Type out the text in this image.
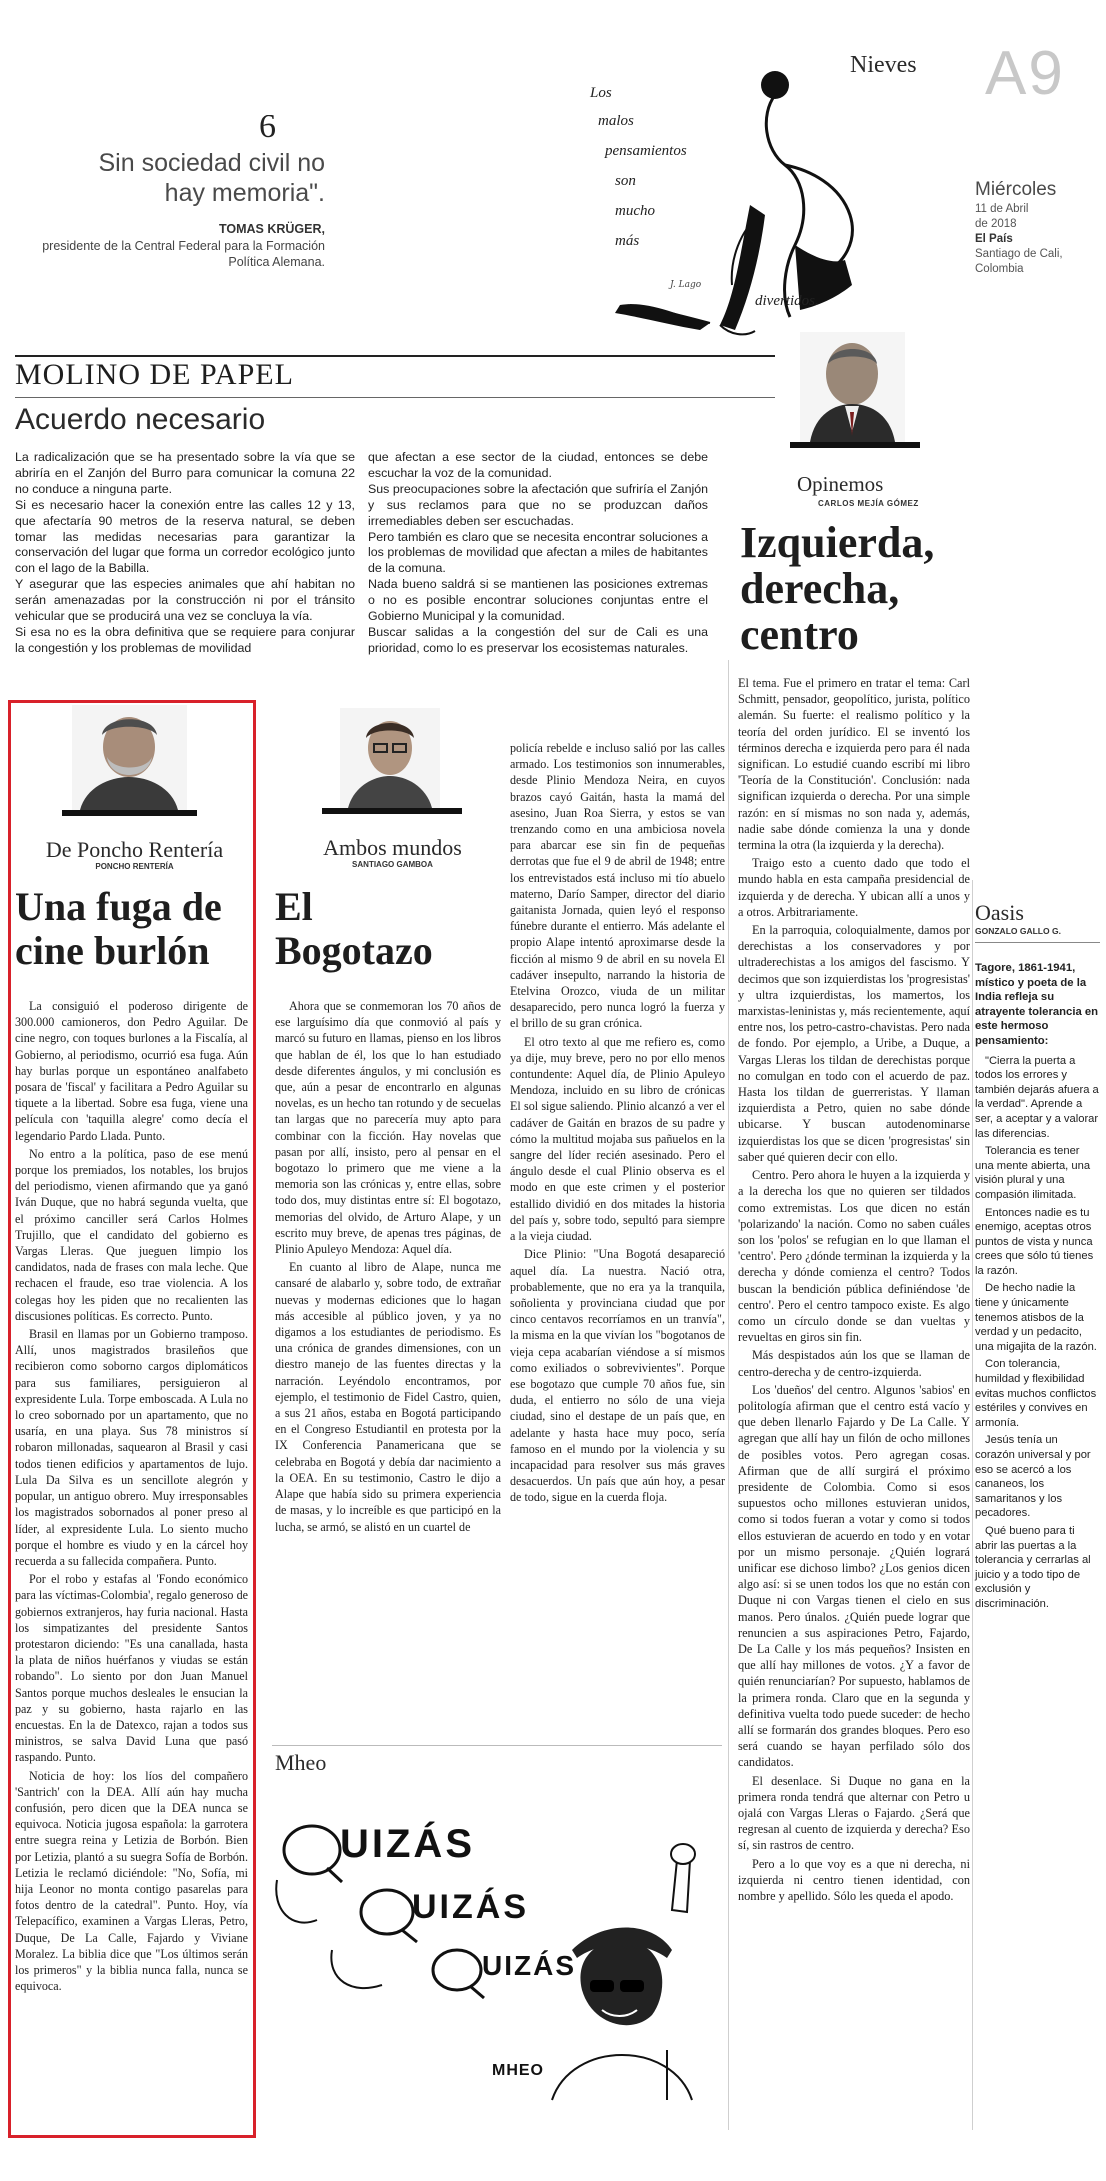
Nieves A9
Miércoles
11 de Abril
de 2018
El País
Santiago de Cali,
Colombia
6
Sin sociedad civil no hay memoria".
TOMAS KRÜGER,
presidente de la Central Federal para la Formación Política Alemana.
J. Lago
Los
malos
pensamientos
son
mucho
más
divertidos.
MOLINO DE PAPEL
Acuerdo necesario
La radicalización que se ha presentado sobre la vía que se abriría en el Zanjón del Burro para comunicar la comuna 22 no conduce a ninguna parte.
Si es necesario hacer la conexión entre las calles 12 y 13, que afectaría 90 metros de la reserva natural, se deben tomar las medidas necesarias para garantizar la conservación del lugar que forma un corredor ecológico junto con el lago de la Babilla.
Y asegurar que las especies animales que ahí habitan no serán amenazadas por la construcción ni por el tránsito vehicular que se producirá una vez se concluya la vía.
Si esa no es la obra definitiva que se requiere para conjurar la congestión y los problemas de movilidad
que afectan a ese sector de la ciudad, entonces se debe escuchar la voz de la comunidad.
Sus preocupaciones sobre la afectación que sufriría el Zanjón y sus reclamos para que no se produzcan daños irremediables deben ser escuchadas.
Pero también es claro que se necesita encontrar soluciones a los problemas de movilidad que afectan a miles de habitantes de la comuna.
Nada bueno saldrá si se mantienen las posiciones extremas o no es posible encontrar soluciones conjuntas entre el Gobierno Municipal y la comunidad.
Buscar salidas a la congestión del sur de Cali es una prioridad, como lo es preservar los ecosistemas naturales.
Opinemos
CARLOS MEJÍA GÓMEZ
Izquierda, derecha, centro

El tema. Fue el primero en tratar el tema: Carl Schmitt, pensador, geopolítico, jurista, político alemán. Su fuerte: el realismo político y la teoría del orden jurídico. El se inventó los términos derecha e izquierda pero para él nada significan. Lo estudié cuando escribí mi libro 'Teoría de la Constitución'. Conclusión: nada significan izquierda o derecha. Por una simple razón: en sí mismas no son nada y, además, nadie sabe dónde comienza la una y donde termina la otra (la izquierda y la derecha).

Traigo esto a cuento dado que todo el mundo habla en esta campaña presidencial de izquierda y de derecha. Y ubican allí a unos y a otros. Arbitrariamente.

En la parroquia, coloquialmente, damos por derechistas a los conservadores y por ultraderechistas a los amigos del fascismo. Y decimos que son izquierdistas los 'progresistas' y ultra izquierdistas, los mamertos, los marxistas-leninistas y, más recientemente, aquí entre nos, los petro-castro-chavistas. Pero nada de fondo. Por ejemplo, a Uribe, a Duque, a Vargas Lleras los tildan de derechistas porque no comulgan en todo con el acuerdo de paz. Hasta los tildan de guerreristas. Y llaman izquierdista a Petro, quien no sabe dónde ubicarse. Y buscan autodenominarse izquierdistas los que se dicen 'progresistas' sin saber qué quieren decir con ello.

Centro. Pero ahora le huyen a la izquierda y a la derecha los que no quieren ser tildados como extremistas. Los que dicen no están 'polarizando' la nación. Como no saben cuáles son los 'polos' se refugian en lo que llaman el 'centro'. Pero ¿dónde terminan la izquierda y la derecha y dónde comienza el centro? Todos buscan la bendición pública definiéndose 'de centro'. Pero el centro tampoco existe. Es algo como un círculo donde se dan vueltas y revueltas en giros sin fin.

Más despistados aún los que se llaman de centro-derecha y de centro-izquierda.

Los 'dueños' del centro. Algunos 'sabios' en politología afirman que el centro está vacío y que deben llenarlo Fajardo y De La Calle. Y agregan que allí hay un filón de ocho millones de posibles votos. Pero agregan cosas. Afirman que de allí surgirá el próximo presidente de Colombia. Como si esos supuestos ocho millones estuvieran unidos, como si todos fueran a votar y como si todos ellos estuvieran de acuerdo en todo y en votar por un mismo personaje. ¿Quién logrará unificar ese dichoso limbo? ¿Los genios dicen algo así: si se unen todos los que no están con Duque ni con Vargas tienen el cielo en sus manos. Pero únalos. ¿Quién puede lograr que renuncien a sus aspiraciones Petro, Fajardo, De La Calle y los más pequeños? Insisten en que allí hay millones de votos. ¿Y a favor de quién renunciarían? Por supuesto, hablamos de la primera ronda. Claro que en la segunda y definitiva vuelta todo puede suceder: de hecho allí se formarán dos grandes bloques. Pero eso será cuando se hayan perfilado sólo dos candidatos.

El desenlace. Si Duque no gana en la primera ronda tendrá que alternar con Petro u ojalá con Vargas Lleras o Fajardo. ¿Será que regresan al cuento de izquierda y derecha? Eso sí, sin rastros de centro.

Pero a lo que voy es a que ni derecha, ni izquierda ni centro tienen identidad, con nombre y apellido. Sólo les queda el apodo.

Oasis
GONZALO GALLO G.
Tagore, 1861-1941, místico y poeta de la India refleja su atrayente tolerancia en este hermoso pensamiento:

"Cierra la puerta a todos los errores y también dejarás afuera a la verdad". Aprende a ser, a aceptar y a valorar las diferencias.

Tolerancia es tener una mente abierta, una visión plural y una compasión ilimitada.

Entonces nadie es tu enemigo, aceptas otros puntos de vista y nunca crees que sólo tú tienes la razón.

De hecho nadie la tiene y únicamente tenemos atisbos de la verdad y un pedacito, una migajita de la razón.

Con tolerancia, humildad y flexibilidad evitas muchos conflictos estériles y convives en armonía.

Jesús tenía un corazón universal y por eso se acercó a los cananeos, los samaritanos y los pecadores.

Qué bueno para ti abrir las puertas a la tolerancia y cerrarlas al juicio y a todo tipo de exclusión y discriminación.

De Poncho Rentería
PONCHO RENTERÍA
Una fuga de cine burlón

La consiguió el poderoso dirigente de 300.000 camioneros, don Pedro Aguilar. De cine negro, con toques burlones a la Fiscalía, al Gobierno, al periodismo, ocurrió esa fuga. Aún hay burlas porque un espontáneo analfabeto posara de 'fiscal' y facilitara a Pedro Aguilar su tiquete a la libertad. Sobre esa fuga, viene una película con 'taquilla alegre' como decía el legendario Pardo Llada. Punto.

No entro a la política, paso de ese menú porque los premiados, los notables, los brujos del periodismo, vienen afirmando que ya ganó Iván Duque, que no habrá segunda vuelta, que el próximo canciller será Carlos Holmes Trujillo, que el candidato del gobierno es Vargas Lleras. Que jueguen limpio los candidatos, nada de frases con mala leche. Que rechacen el fraude, eso trae violencia. A los colegas hoy les piden que no recalienten las discusiones políticas. Es correcto. Punto.

Brasil en llamas por un Gobierno tramposo. Allí, unos magistrados brasileños que recibieron como soborno cargos diplomáticos para sus familiares, persiguieron al expresidente Lula. Torpe emboscada. A Lula no lo creo sobornado por un apartamento, que no usaría, en una playa. Sus 78 ministros sí robaron millonadas, saquearon al Brasil y casi todos tienen edificios y apartamentos de lujo. Lula Da Silva es un sencillote alegrón y popular, un antiguo obrero. Muy irresponsables los magistrados sobornados al poner preso al líder, al expresidente Lula. Lo siento mucho porque el hombre es viudo y en la cárcel hoy recuerda a su fallecida compañera. Punto.

Por el robo y estafas al 'Fondo económico para las víctimas-Colombia', regalo generoso de gobiernos extranjeros, hay furia nacional. Hasta los simpatizantes del presidente Santos protestaron diciendo: "Es una canallada, hasta la plata de niños huérfanos y viudas se están robando". Lo siento por don Juan Manuel Santos porque muchos desleales le ensucian la paz y su gobierno, hasta rajarlo en las encuestas. En la de Datexco, rajan a todos sus ministros, se salva David Luna que pasó raspando. Punto.

Noticia de hoy: los líos del compañero 'Santrich' con la DEA. Allí aún hay mucha confusión, pero dicen que la DEA nunca se equivoca. Noticia jugosa española: la garrotera entre suegra reina y Letizia de Borbón. Bien por Letizia, plantó a su suegra Sofía de Borbón. Letizia le reclamó diciéndole: "No, Sofía, mi hija Leonor no monta contigo pasarelas para fotos dentro de la catedral". Punto. Hoy, vía Telepacífico, examinen a Vargas Lleras, Petro, Duque, De La Calle, Fajardo y Viviane Moralez. La biblia dice que "Los últimos serán los primeros" y la biblia nunca falla, nunca se equivoca.

Ambos mundos
SANTIAGO GAMBOA
El Bogotazo

Ahora que se conmemoran los 70 años de ese larguísimo día que conmovió al país y marcó su futuro en llamas, pienso en los libros que hablan de él, los que lo han estudiado desde diferentes ángulos, y mi conclusión es que, aún a pesar de encontrarlo en algunas novelas, es un hecho tan rotundo y de secuelas tan largas que no parecería muy apto para combinar con la ficción. Hay novelas que pasan por allí, insisto, pero al pensar en el bogotazo lo primero que me viene a la memoria son las crónicas y, entre ellas, sobre todo dos, muy distintas entre sí: El bogotazo, memorias del olvido, de Arturo Alape, y un escrito muy breve, de apenas tres páginas, de Plinio Apuleyo Mendoza: Aquel día.

En cuanto al libro de Alape, nunca me cansaré de alabarlo y, sobre todo, de extrañar nuevas y modernas ediciones que lo hagan más accesible al público joven, y ya no digamos a los estudiantes de periodismo. Es una crónica de grandes dimensiones, con un diestro manejo de las fuentes directas y la narración. Leyéndolo encontramos, por ejemplo, el testimonio de Fidel Castro, quien, a sus 21 años, estaba en Bogotá participando en el Congreso Estudiantil en protesta por la IX Conferencia Panamericana que se celebraba en Bogotá y debía dar nacimiento a la OEA. En su testimonio, Castro le dijo a Alape que había sido su primera experiencia de masas, y lo increíble es que participó en la lucha, se armó, se alistó en un cuartel de

policía rebelde e incluso salió por las calles armado. Los testimonios son innumerables, desde Plinio Mendoza Neira, en cuyos brazos cayó Gaitán, hasta la mamá del asesino, Juan Roa Sierra, y estos se van trenzando como en una ambiciosa novela para abarcar ese sin fin de pequeñas derrotas que fue el 9 de abril de 1948; entre los entrevistados está incluso mi tío abuelo materno, Darío Samper, director del diario gaitanista Jornada, quien leyó el responso fúnebre durante el entierro. Más adelante el propio Alape intentó aproximarse desde la ficción al mismo 9 de abril en su novela El cadáver insepulto, narrando la historia de Etelvina Orozco, viuda de un militar desaparecido, pero nunca logró la fuerza y el brillo de su gran crónica.

El otro texto al que me refiero es, como ya dije, muy breve, pero no por ello menos contundente: Aquel día, de Plinio Apuleyo Mendoza, incluido en su libro de crónicas El sol sigue saliendo. Plinio alcanzó a ver el cadáver de Gaitán en brazos de su padre y cómo la multitud mojaba sus pañuelos en la sangre del líder recién asesinado. Pero el ángulo desde el cual Plinio observa es el modo en que este crimen y el posterior estallido dividió en dos mitades la historia del país y, sobre todo, sepultó para siempre a la vieja ciudad.

Dice Plinio: "Una Bogotá desapareció aquel día. La nuestra. Nació otra, probablemente, que no era ya la tranquila, soñolienta y provinciana ciudad que por cinco centavos recorríamos en un tranvía", la misma en la que vivían los "bogotanos de vieja cepa acabarían viéndose a sí mismos como exiliados o sobrevivientes". Porque ese bogotazo que cumple 70 años fue, sin duda, el entierro no sólo de una vieja ciudad, sino el destape de un país que, en adelante y hasta hace muy poco, sería famoso en el mundo por la violencia y su incapacidad para resolver sus más graves desacuerdos. Un país que aún hoy, a pesar de todo, sigue en la cuerda floja.

Mheo
UIZÁS
UIZÁS
UIZÁS
MHEO
